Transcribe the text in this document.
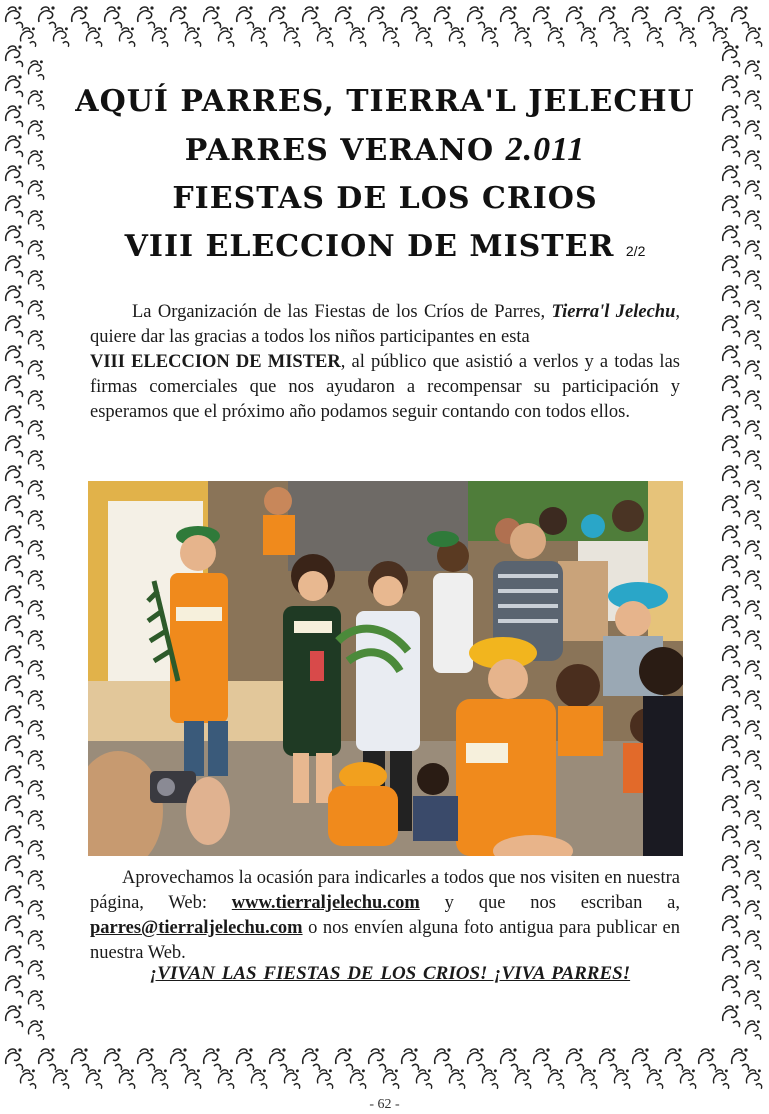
AQUÍ PARRES, TIERRA'L JELECHU
PARRES VERANO 2.011
FIESTAS DE LOS CRIOS
VIII ELECCION DE MISTER 2/2
La Organización de las Fiestas de los Críos de Parres, Tierra'l Jelechu, quiere dar las gracias a todos los niños participantes en esta
VIII ELECCION DE MISTER, al público que asistió a verlos y a todas las firmas comerciales que nos ayudaron a recompensar su participación y esperamos que el próximo año podamos seguir contando con todos ellos.
Aprovechamos la ocasión para indicarles a todos que nos visiten en nuestra página, Web: www.tierraljelechu.com y que nos escriban a, parres@tierraljelechu.com o nos envíen alguna foto antigua para publicar en nuestra Web.
¡VIVAN LAS FIESTAS DE LOS CRIOS! ¡VIVA PARRES!
- 62 -
